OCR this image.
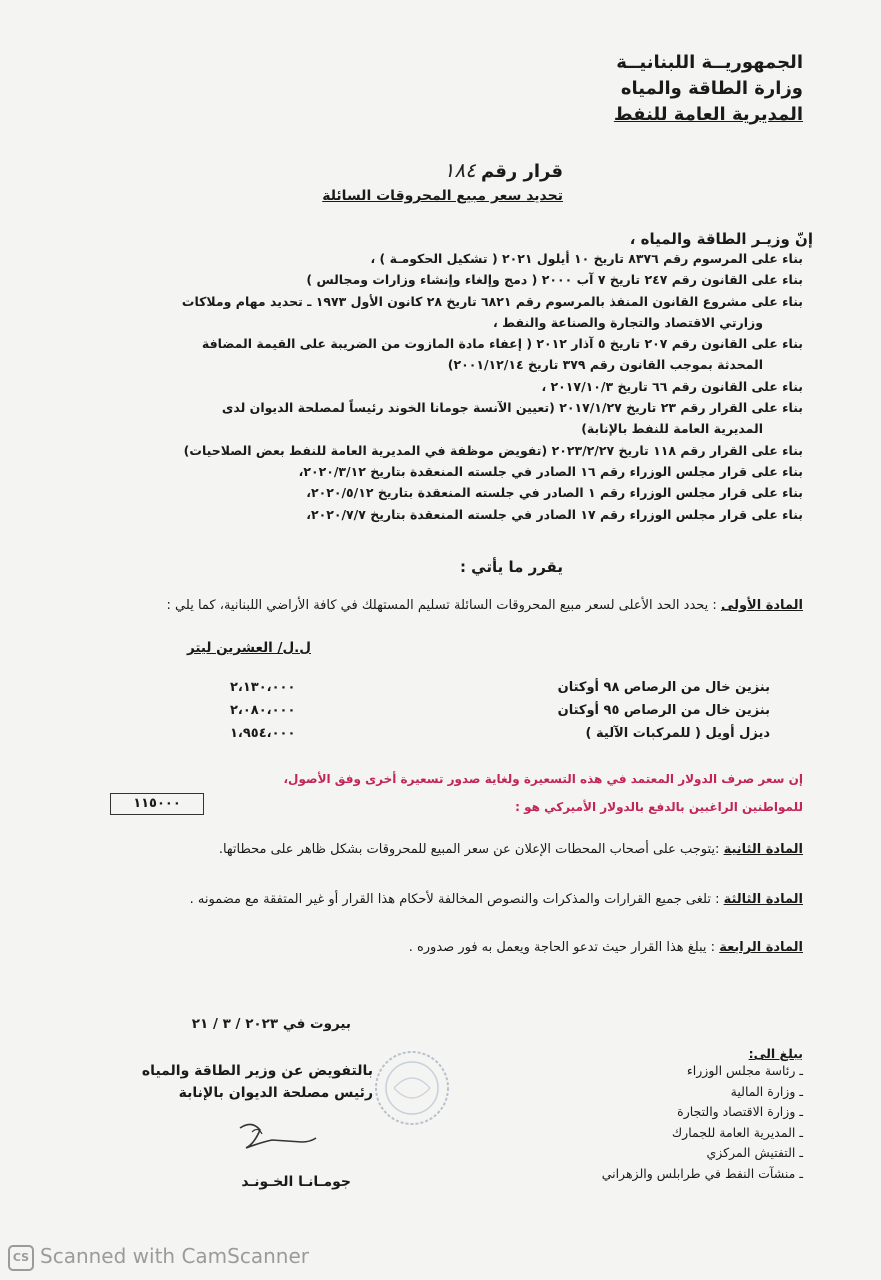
الجمهوريــة اللبنانيــة
وزارة الطاقة والمياه
المديرية العامة للنفط
قرار رقم ١٨٤
تحديد سعر مبيع المحروقات السائلة
إنّ وزيـر الطاقة والمياه ،
بناء على المرسوم رقم ٨٣٧٦ تاريخ ١٠ أيلول ٢٠٢١ ( تشكيل الحكومـة ) ،
بناء على القانون رقم ٢٤٧ تاريخ ٧ آب ٢٠٠٠ ( دمج وإلغاء وإنشاء وزارات ومجالس )
بناء على مشروع القانون المنفذ بالمرسوم رقم ٦٨٢١ تاريخ ٢٨ كانون الأول ١٩٧٣ ـ تحديد مهام وملاكات
وزارتي الاقتصاد والتجارة والصناعة والنفط ،
بناء على القانون رقم ٢٠٧ تاريخ ٥ آذار ٢٠١٢ ( إعفاء مادة المازوت من الضريبة على القيمة المضافة
المحدثة بموجب القانون رقم ٣٧٩ تاريخ ٢٠٠١/١٢/١٤)
بناء على القانون رقم ٦٦ تاريخ ٢٠١٧/١٠/٣ ،
بناء على القرار رقم ٢٣ تاريخ ٢٠١٧/١/٢٧ (تعيين الآنسة جومانا الخوند رئيساً لمصلحة الديوان لدى
المديرية العامة للنفط بالإنابة)
بناء على القرار رقم ١١٨ تاريخ ٢٠٢٣/٢/٢٧ (تفويض موظفة في المديرية العامة للنفط بعض الصلاحيات)
بناء على قرار مجلس الوزراء رقم ١٦ الصادر في جلسته المنعقدة بتاريخ ٢٠٢٠/٣/١٢،
بناء على قرار مجلس الوزراء رقم ١ الصادر في جلسته المنعقدة بتاريخ ٢٠٢٠/٥/١٢،
بناء على قرار مجلس الوزراء رقم ١٧ الصادر في جلسته المنعقدة بتاريخ ٢٠٢٠/٧/٧،
يقرر ما يأتي :
المادة الأولى : يحدد الحد الأعلى لسعر مبيع المحروقات السائلة تسليم المستهلك في كافة الأراضي اللبنانية، كما يلي :
ل.ل/ العشرين ليتر
بنزين خال من الرصاص ٩٨ أوكتان
٢،١٣٠،٠٠٠
بنزين خال من الرصاص ٩٥ أوكتان
٢،٠٨٠،٠٠٠
ديزل أويل ( للمركبات الآلية )
١،٩٥٤،٠٠٠
إن سعر صرف الدولار المعتمد في هذه التسعيرة ولغاية صدور تسعيرة أخرى وفق الأصول،
للمواطنين الراغبين بالدفع بالدولار الأميركي هو :
١١٥٠٠٠
المادة الثانية :يتوجب على أصحاب المحطات الإعلان عن سعر المبيع للمحروقات بشكل ظاهر على محطاتها.
المادة الثالثة : تلغى جميع القرارات والمذكرات والنصوص المخالفة لأحكام هذا القرار أو غير المتفقة مع مضمونه .
المادة الرابعة : يبلغ هذا القرار حيث تدعو الحاجة ويعمل به فور صدوره .
بيروت في ٢٠٢٣ / ٣ / ٢١
بالتفويض عن وزير الطاقة والمياه
رئيس مصلحة الديوان بالإنابة
جومـانـا الخـونـد
يبلغ الى:
ـ رئاسة مجلس الوزراء
ـ وزارة المالية
ـ وزارة الاقتصاد والتجارة
ـ المديرية العامة للجمارك
ـ التفتيش المركزي
ـ منشآت النفط في طرابلس والزهراني
CS Scanned with CamScanner
